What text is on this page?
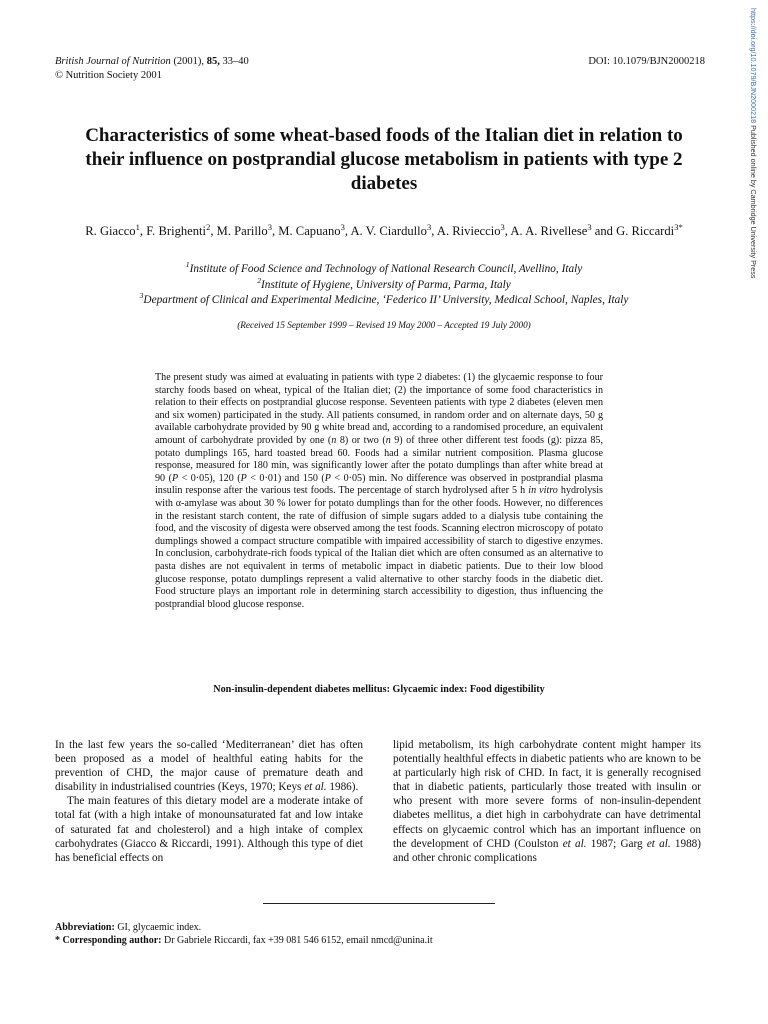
British Journal of Nutrition (2001), 85, 33–40
© Nutrition Society 2001
DOI: 10.1079/BJN2000218	https://doi.org/10.1079/BJN2000218 Published online by Cambridge University Press
Characteristics of some wheat-based foods of the Italian diet in relation to their influence on postprandial glucose metabolism in patients with type 2 diabetes
R. Giacco$^1$, F. Brighenti$^2$, M. Parillo$^3$, M. Capuano$^3$, A. V. Ciardullo$^3$, A. Rivieccio$^3$, A. A. Rivellese$^3$ and G. Riccardi$^{3*}$
$^1$Institute of Food Science and Technology of National Research Council, Avellino, Italy
$^2$Institute of Hygiene, University of Parma, Parma, Italy
$^3$Department of Clinical and Experimental Medicine, ‘Federico II’ University, Medical School, Naples, Italy
(Received 15 September 1999 – Revised 19 May 2000 – Accepted 19 July 2000)
The present study was aimed at evaluating in patients with type 2 diabetes: (1) the glycaemic response to four starchy foods based on wheat, typical of the Italian diet; (2) the importance of some food characteristics in relation to their effects on postprandial glucose response. Seventeen patients with type 2 diabetes (eleven men and six women) participated in the study. All patients consumed, in random order and on alternate days, 50 g available carbohydrate provided by 90 g white bread and, according to a randomised procedure, an equivalent amount of carbohydrate provided by one (n 8) or two (n 9) of three other different test foods (g): pizza 85, potato dumplings 165, hard toasted bread 60. Foods had a similar nutrient composition. Plasma glucose response, measured for 180 min, was significantly lower after the potato dumplings than after white bread at 90 (P < 0·05), 120 (P < 0·01) and 150 (P < 0·05) min. No difference was observed in postprandial plasma insulin response after the various test foods. The percentage of starch hydrolysed after 5 h in vitro hydrolysis with α-amylase was about 30 % lower for potato dumplings than for the other foods. However, no differences in the resistant starch content, the rate of diffusion of simple sugars added to a dialysis tube containing the food, and the viscosity of digesta were observed among the test foods. Scanning electron microscopy of potato dumplings showed a compact structure compatible with impaired accessibility of starch to digestive enzymes. In conclusion, carbohydrate-rich foods typical of the Italian diet which are often consumed as an alternative to pasta dishes are not equivalent in terms of metabolic impact in diabetic patients. Due to their low blood glucose response, potato dumplings represent a valid alternative to other starchy foods in the diabetic diet. Food structure plays an important role in determining starch accessibility to digestion, thus influencing the postprandial blood glucose response.
Non-insulin-dependent diabetes mellitus: Glycaemic index: Food digestibility

In the last few years the so-called ‘Mediterranean’ diet has often been proposed as a model of healthful eating habits for the prevention of CHD, the major cause of premature death and disability in industrialised countries (Keys, 1970; Keys et al. 1986).

The main features of this dietary model are a moderate intake of total fat (with a high intake of monounsaturated fat and low intake of saturated fat and cholesterol) and a high intake of complex carbohydrates (Giacco & Riccardi, 1991). Although this type of diet has beneficial effects on

lipid metabolism, its high carbohydrate content might hamper its potentially healthful effects in diabetic patients who are known to be at particularly high risk of CHD. In fact, it is generally recognised that in diabetic patients, particularly those treated with insulin or who present with more severe forms of non-insulin-dependent diabetes mellitus, a diet high in carbohydrate can have detrimental effects on glycaemic control which has an important influence on the development of CHD (Coulston et al. 1987; Garg et al. 1988) and other chronic complications

Abbreviation: GI, glycaemic index.
* Corresponding author: Dr Gabriele Riccardi, fax +39 081 546 6152, email nmcd@unina.it
